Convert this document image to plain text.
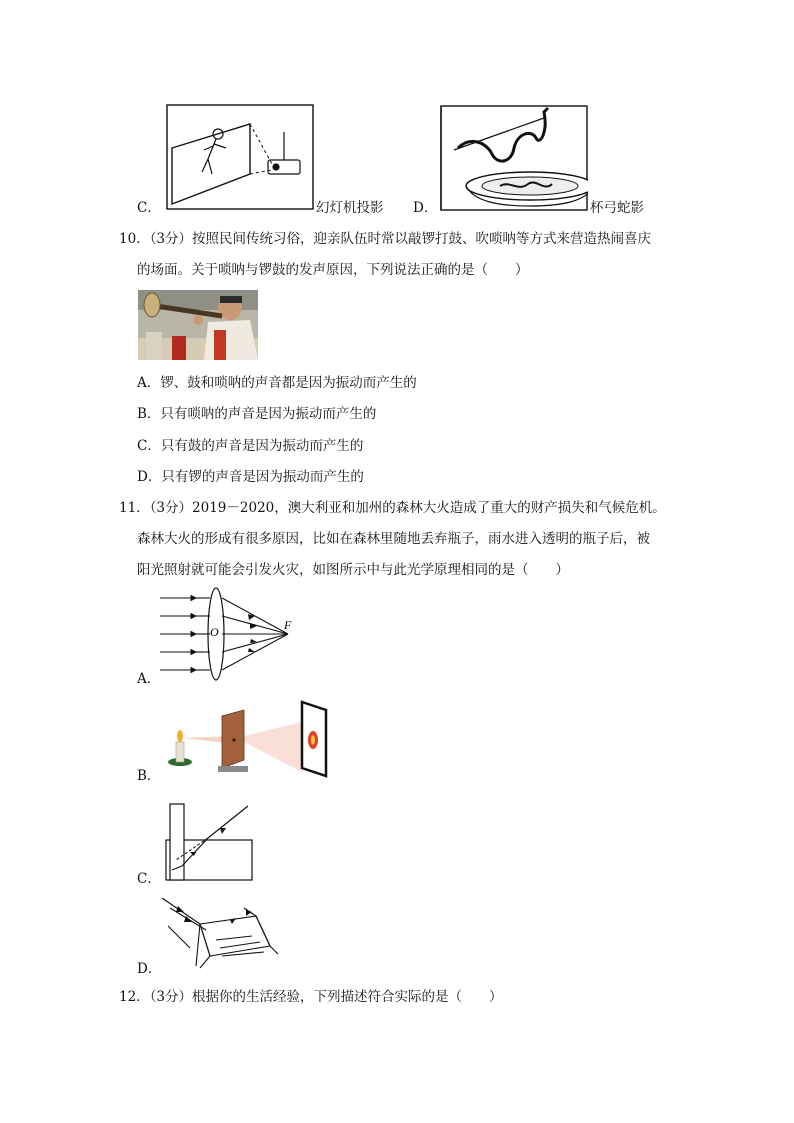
C．	幻灯机投影 D．	杯弓蛇影
10．（3分）按照民间传统习俗，迎亲队伍时常以敲锣打鼓、吹唢呐等方式来营造热闹喜庆
的场面。关于唢呐与锣鼓的发声原因，下列说法正确的是（　　）
A．锣、鼓和唢呐的声音都是因为振动而产生的
B．只有唢呐的声音是因为振动而产生的
C．只有鼓的声音是因为振动而产生的
D．只有锣的声音是因为振动而产生的
11．（3分）2019－2020，澳大利亚和加州的森林大火造成了重大的财产损失和气候危机。
森林大火的形成有很多原因，比如在森林里随地丢弃瓶子，雨水进入透明的瓶子后，被
阳光照射就可能会引发火灾，如图所示中与此光学原理相同的是（　　）
O	F
A．
B．
C．
D．
12．（3分）根据你的生活经验，下列描述符合实际的是（　　）
